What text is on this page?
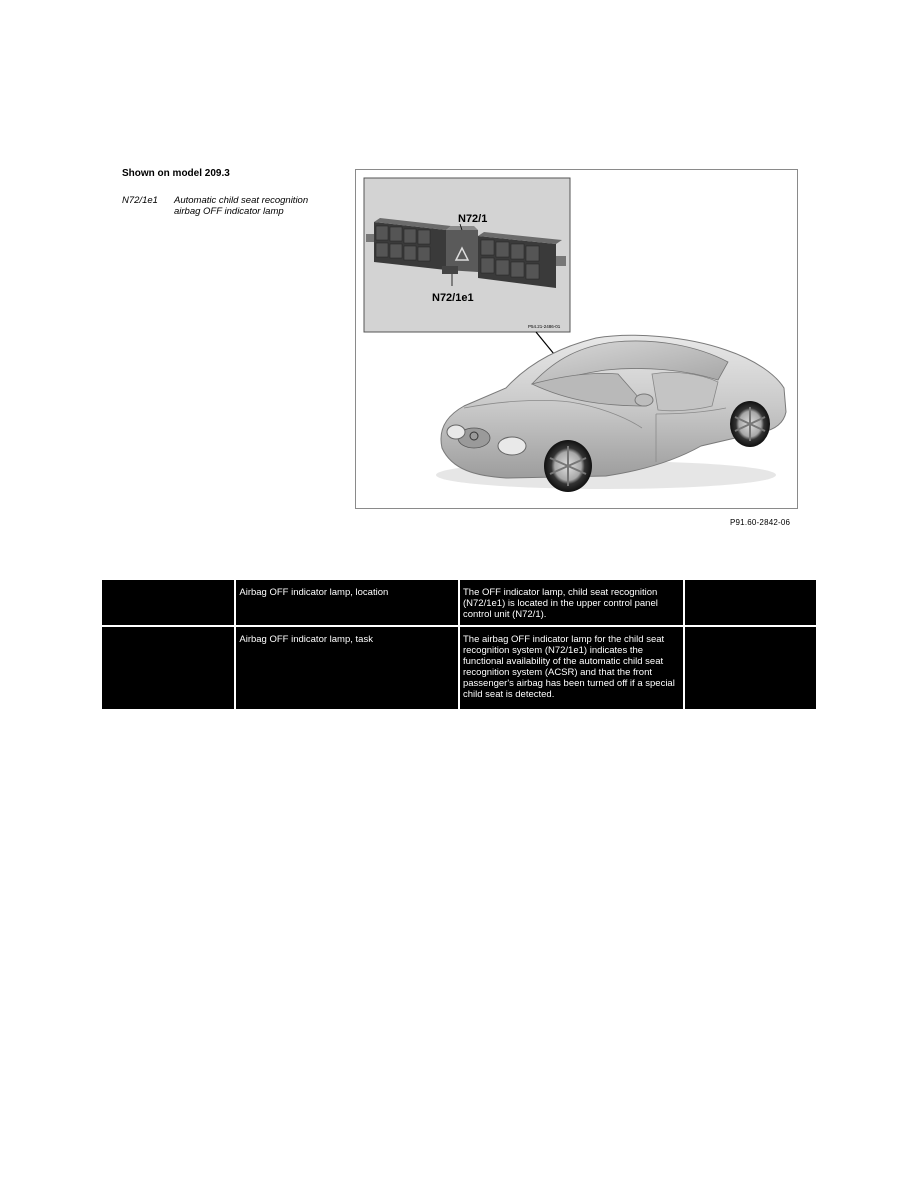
Shown on model 209.3

N72/1e1	Automatic child seat recognition
airbag OFF indicator lamp
N72/1
N72/1e1
P54.21-2486-01
P91.60-2842-06
	Airbag OFF indicator lamp, location	The OFF indicator lamp, child seat recognition (N72/1e1) is located in the upper control panel control unit (N72/1).	
	Airbag OFF indicator lamp, task	The airbag OFF indicator lamp for the child seat recognition system (N72/1e1) indicates the functional availability of the automatic child seat recognition system (ACSR) and that the front passenger's airbag has been turned off if a special child seat is detected.	
